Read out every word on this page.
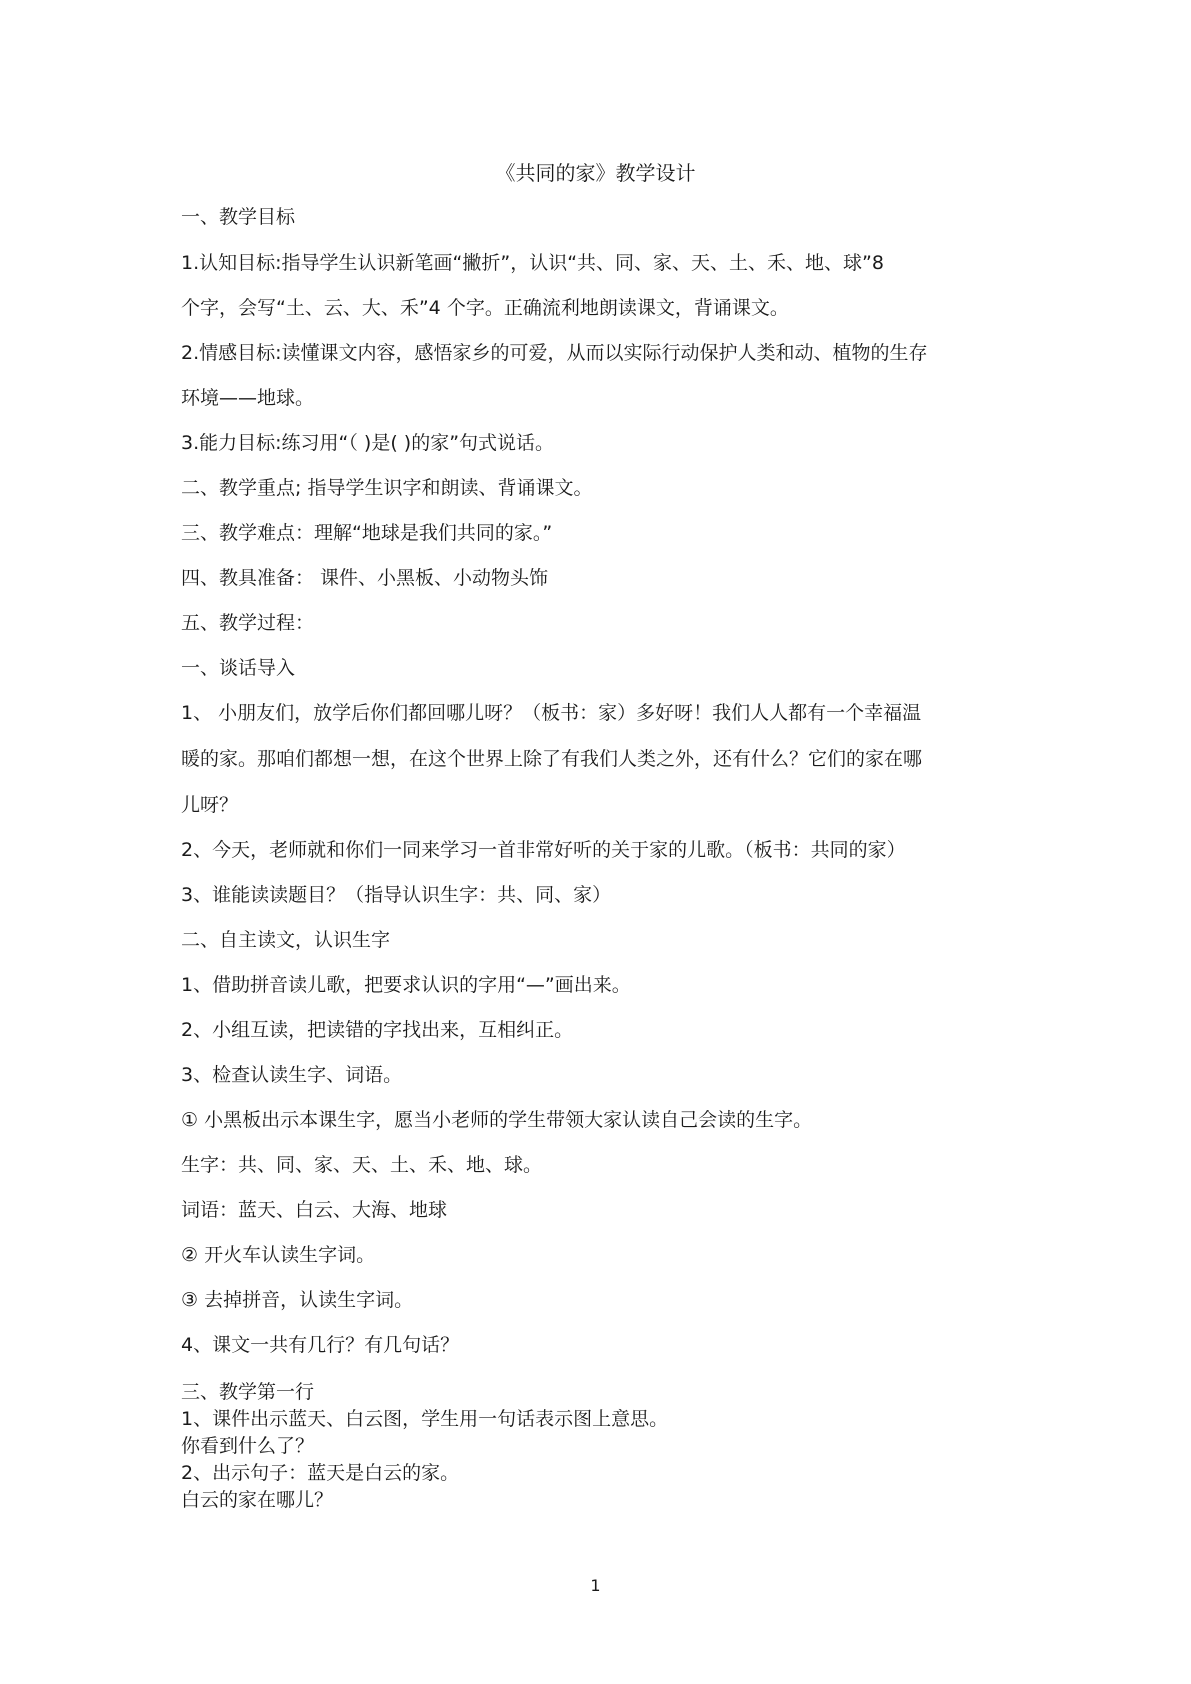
《共同的家》教学设计
一、教学目标
1.认知目标:指导学生认识新笔画“撇折”，认识“共、同、家、天、土、禾、地、球”8
个字，会写“土、云、大、禾”4 个字。正确流利地朗读课文，背诵课文。
2.情感目标:读懂课文内容，感悟家乡的可爱，从而以实际行动保护人类和动、植物的生存
环境——地球。
3.能力目标:练习用“（ )是( )的家”句式说话。
二、教学重点; 指导学生识字和朗读、背诵课文。
三、教学难点：理解“地球是我们共同的家。”
四、教具准备： 课件、小黑板、小动物头饰
五、教学过程：
一、谈话导入
1、 小朋友们，放学后你们都回哪儿呀？（板书：家）多好呀！我们人人都有一个幸福温
暖的家。那咱们都想一想，在这个世界上除了有我们人类之外，还有什么？它们的家在哪
儿呀？
2、今天，老师就和你们一同来学习一首非常好听的关于家的儿歌。（板书：共同的家）
3、谁能读读题目？（指导认识生字：共、同、家）
二、自主读文，认识生字
1、借助拼音读儿歌，把要求认识的字用“—”画出来。
2、小组互读，把读错的字找出来，互相纠正。
3、检查认读生字、词语。
① 小黑板出示本课生字，愿当小老师的学生带领大家认读自己会读的生字。
生字：共、同、家、天、土、禾、地、球。
词语：蓝天、白云、大海、地球
② 开火车认读生字词。
③ 去掉拼音，认读生字词。
4、课文一共有几行？有几句话？
三、教学第一行
1、课件出示蓝天、白云图，学生用一句话表示图上意思。
你看到什么了？
2、出示句子：蓝天是白云的家。
白云的家在哪儿？
1
